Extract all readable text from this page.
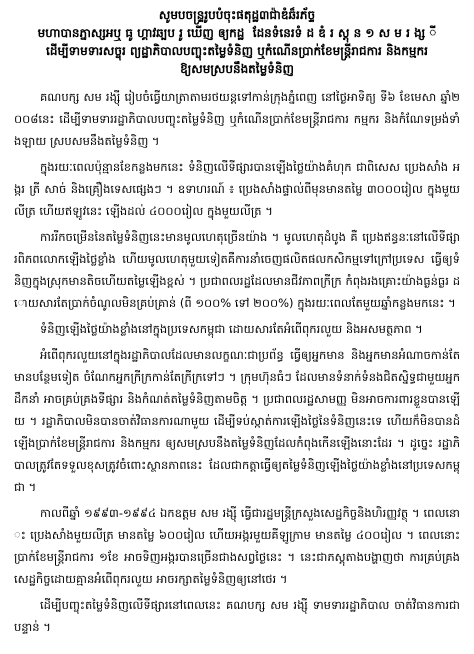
សូមបចន្ទ្ររូបបំចុះផតុដ្ឋ៣ជ៉ាឌំឆ៏រភ័ច្ទ
មហាបានភ្នាស្សអឬ ធូ ហ្គាវឆ្បប រូ ឃើញ ឲ្យកដ្ឋ ​ ដែនទំនេរទំ ដ ឌំ រ ស្តុ ន ១ ស ម រ ង្ស ី
ដើម្បីទាមទារសច្ចុរ ព្យដ្ឋាភិបាលបញ្ចុះតម្លៃទំនិញ ឬកំណើនប្រាក់ខែមន្ត្រីរាជការ និងកម្មករ
ឱ្យសមស្របនឹងតម្លៃទំនិញ

គណបក្ស សម រង្ស៊ី រៀបចំធ្វើយាត្រាតាមរថយន្តទៅកាន់ក្រុងភ្នំពេញ នៅថ្ងៃអាទិត្យ ទី៦ ខែមេសា ឆ្នាំ២០០៨នេះ ដើម្បីទាមទាររដ្ឋាភិបាលបញ្ចុះតម្លៃទំនិញ ឬកំណើនប្រាក់ខែមន្ត្រីរាជការ កម្មករ និងកំណែទម្រង់ទាំងឡាយ ស្របសមនឹងតម្លៃទំនិញ ។

ក្នុងរយៈពេលប៉ុន្មានខែកន្លងមកនេះ ទំនិញលើទីផ្សារបានឡើងថ្លៃយ៉ាងគំហុក ជាពិសេស ប្រេងសាំង អង្ករ ត្រី សាច់ និងគ្រឿងទេសផ្សេងៗ ។ ឧទាហរណ៍ ៖ ប្រេងសាំងផ្ទាល់ពីមុនមានតម្លៃ ៣០០០រៀល ក្នុងមួយលីត្រ ហើយឥឡូវនេះ ឡើងដល់ ៤០០០រៀល ក្នុងមួយលីត្រ ។

ការរីកចម្រើននៃតម្លៃទំនិញនេះមានមូលហេតុច្រើនយ៉ាង ។ មូលហេតុដំបូង គឺ ប្រេងឥន្ធនៈនៅលើទីផ្សារពិភពលោកឡើងថ្លៃខ្លាំង ហើយមូលហេតុមួយទៀតគឺការនាំចេញផលិតផលកសិកម្មទៅក្រៅប្រទេស ធ្វើឲ្យទំនិញក្នុងស្រុកមានតិចហើយតម្លៃឡើងខ្ពស់ ។ ប្រជាពលរដ្ឋដែលមានជីវភាពក្រីក្រ កំពុងរងគ្រោះយ៉ាងធ្ងន់ធ្ងរ ដោយសារតែប្រាក់ចំណូលមិនគ្រប់គ្រាន់ (ពី ១០០% ទៅ ២០០%) ក្នុងរយៈពេលតែមួយឆ្នាំកន្លងមកនេះ ។

ទំនិញឡើងថ្លៃយ៉ាងខ្លាំងនៅក្នុងប្រទេសកម្ពុជា ដោយសារតែអំពើពុករលួយ និងអសមត្ថភាព ។

អំពើពុករលួយនៅក្នុងរដ្ឋាភិបាលដែលមានលក្ខណៈជាប្រព័ន្ធ ធ្វើឲ្យអ្នកមាន និងអ្នកមានអំណាចកាន់តែមានបន្ថែមទៀត ចំណែកអ្នកក្រីក្រកាន់តែក្រីក្រទៅៗ ។ ក្រុមហ៊ុនធំៗ ដែលមានទំនាក់ទំនងជិតស្និទ្ធជាមួយអ្នកដឹកនាំ អាចគ្រប់គ្រងទីផ្សារ និងកំណត់តម្លៃទំនិញតាមចិត្ត ។ ប្រជាពលរដ្ឋសាមញ្ញ មិនអាចការពារខ្លួនបានឡើយ ។ រដ្ឋាភិបាលមិនបានចាត់វិធានការណាមួយ ដើម្បីទប់ស្កាត់ការឡើងថ្លៃនៃទំនិញនេះទេ ហើយក៏មិនបានដំឡើងប្រាក់ខែមន្ត្រីរាជការ និងកម្មករ ឲ្យសមស្របនឹងតម្លៃទំនិញដែលកំពុងកើនឡើងនោះដែរ ។ ដូច្នេះ រដ្ឋាភិបាលត្រូវតែទទួលខុសត្រូវចំពោះស្ថានភាពនេះ ដែលជាកត្តាធ្វើឲ្យតម្លៃទំនិញឡើងថ្លៃយ៉ាងខ្លាំងនៅប្រទេសកម្ពុជា ។

កាលពីឆ្នាំ ១៩៩៣-១៩៩៤ ឯកឧត្តម សម រង្ស៊ី ធ្វើជារដ្ឋមន្ត្រីក្រសួងសេដ្ឋកិច្ចនិងហិរញ្ញវត្ថុ ។ ពេលនោះ ប្រេងសាំងមួយលីត្រ មានតម្លៃ ៦០០រៀល ហើយអង្ករមួយគីឡូក្រាម មានតម្លៃ ៤០០រៀល ។ ពេលនោះ ប្រាក់ខែមន្ត្រីរាជការ ១ខែ អាចទិញអង្ករបានច្រើនជាងសព្វថ្ងៃនេះ ។ នេះជាភស្តុតាងបង្ហាញថា ការគ្រប់គ្រងសេដ្ឋកិច្ចដោយគ្មានអំពើពុករលួយ អាចរក្សាតម្លៃទំនិញឲ្យនៅថេរ ។

ដើម្បីបញ្ចុះតម្លៃទំនិញលើទីផ្សារនៅពេលនេះ គណបក្ស សម រង្ស៊ី ទាមទាររដ្ឋាភិបាល ចាត់វិធានការជាបន្ទាន់ ។
